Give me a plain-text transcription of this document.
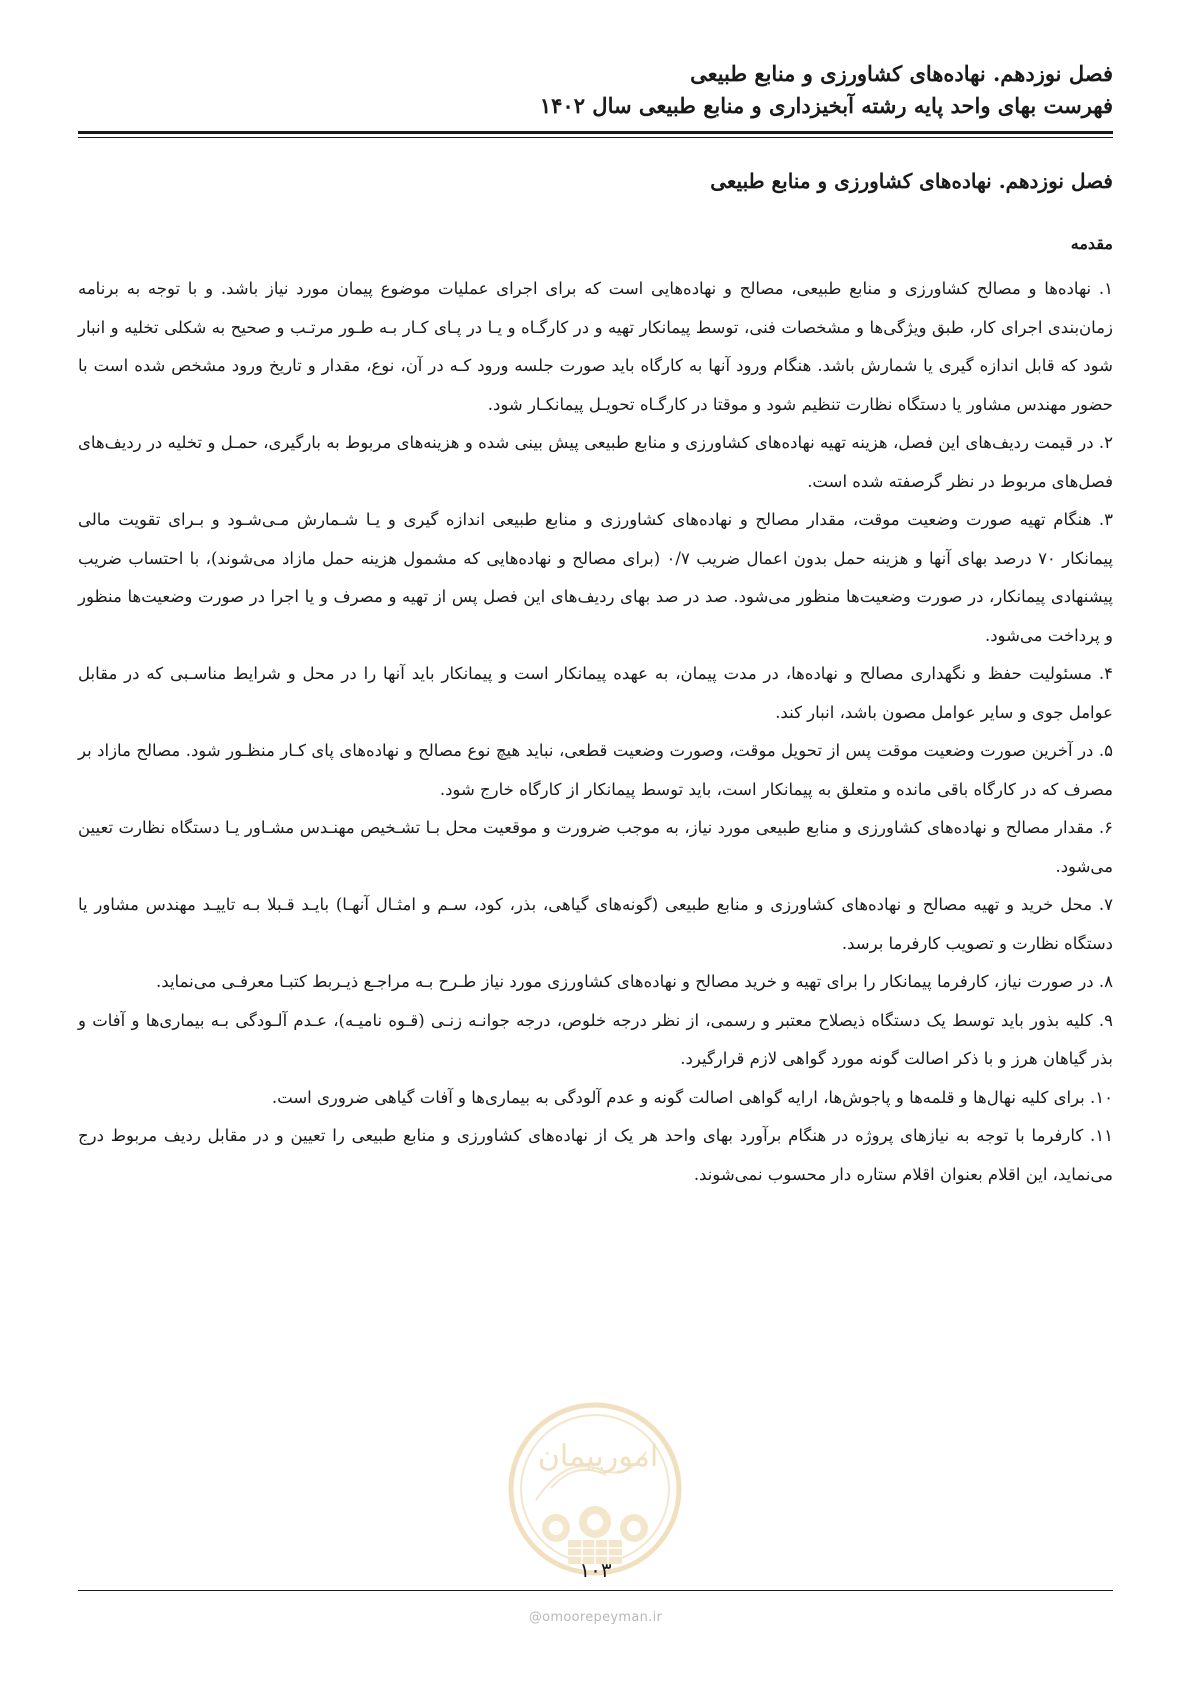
فصل نوزدهم. نهاده‌های کشاورزی و منابع طبیعی
فهرست بهای واحد پایه رشته آبخیزداری و منابع طبیعی سال ۱۴۰۲
فصل نوزدهم. نهاده‌های کشاورزی و منابع طبیعی
مقدمه

۱. نهاده‌ها و مصالح کشاورزی و منابع طبیعی، مصالح و نهاده‌هایی است که برای اجرای عملیات موضوع پیمان مورد نیاز باشد. و با توجه به برنامه زمان‌بندی اجرای کار، طبق ویژگی‌ها و مشخصات فنی، توسط پیمانکار تهیه و در کارگـاه و یـا در پـای کـار بـه طـور مرتـب و صحیح به شکلی تخلیه و انبار شود که قابل اندازه گیری یا شمارش باشد. هنگام ورود آنها به کارگاه باید صورت جلسه ورود کـه در آن، نوع، مقدار و تاریخ ورود مشخص شده است با حضور مهندس مشاور یا دستگاه نظارت تنظیم شود و موقتا در کارگـاه تحویـل پیمانکـار شود.

۲. در قیمت ردیف‌های این فصل، هزینه تهیه نهاده‌های کشاورزی و منابع طبیعی پیش بینی شده و هزینه‌های مربوط به بارگیری، حمـل و تخلیه در ردیف‌های فصل‌های مربوط در نظر گرصفته شده است.

۳. هنگام تهیه صورت وضعیت موقت، مقدار مصالح و نهاده‌های کشاورزی و منابع طبیعی اندازه گیری و یـا شـمارش مـی‌شـود و بـرای تقویت مالی پیمانکار ۷۰ درصد بهای آنها و هزینه حمل بدون اعمال ضریب ۰/۷ (برای مصالح و نهاده‌هایی که مشمول هزینه حمل مازاد می‌شوند)، با احتساب ضریب پیشنهادی پیمانکار، در صورت وضعیت‌ها منظور می‌شود. صد در صد بهای ردیف‌های این فصل پس از تهیه و مصرف و یا اجرا در صورت وضعیت‌ها منظور و پرداخت می‌شود.

۴. مسئولیت حفظ و نگهداری مصالح و نهاده‌ها، در مدت پیمان، به عهده پیمانکار است و پیمانکار باید آنها را در محل و شرایط مناسـبی که در مقابل عوامل جوی و سایر عوامل مصون باشد، انبار کند.

۵. در آخرین صورت وضعیت موقت پس از تحویل موقت، وصورت وضعیت قطعی، نباید هیچ نوع مصالح و نهاده‌های پای کـار منظـور شود. مصالح مازاد بر مصرف که در کارگاه باقی مانده و متعلق به پیمانکار است، باید توسط پیمانکار از کارگاه خارج شود.

۶. مقدار مصالح و نهاده‌های کشاورزی و منابع طبیعی مورد نیاز، به موجب ضرورت و موقعیت محل بـا تشـخیص مهنـدس مشـاور یـا دستگاه نظارت تعیین می‌شود.

۷. محل خرید و تهیه مصالح و نهاده‌های کشاورزی و منابع طبیعی (گونه‌های گیاهی، بذر، کود، سـم و امثـال آنهـا) بایـد قـبلا بـه تاییـد مهندس مشاور یا دستگاه نظارت و تصویب کارفرما برسد.

۸. در صورت نیاز، کارفرما پیمانکار را برای تهیه و خرید مصالح و نهاده‌های کشاورزی مورد نیاز طـرح بـه مراجـع ذیـربط کتبـا معرفـی می‌نماید.

۹. کلیه بذور باید توسط یک دستگاه ذیصلاح معتبر و رسمی، از نظر درجه خلوص، درجه جوانـه زنـی (قـوه نامیـه)، عـدم آلـودگی بـه بیماری‌ها و آفات و بذر گیاهان هرز و با ذکر اصالت گونه مورد گواهی لازم قرارگیرد.

۱۰. برای کلیه نهال‌ها و قلمه‌ها و پاجوش‌ها، ارایه گواهی اصالت گونه و عدم آلودگی به بیماری‌ها و آفات گیاهی ضروری است.

۱۱. کارفرما با توجه به نیازهای پروژه در هنگام برآورد بهای واحد هر یک از نهاده‌های کشاورزی و منابع طبیعی را تعیین و در مقابل ردیف مربوط درج می‌نماید، این اقلام بعنوان اقلام ستاره دار محسوب نمی‌شوند.

امورپیمان
۱۰۳
@omoorepeyman.ir
